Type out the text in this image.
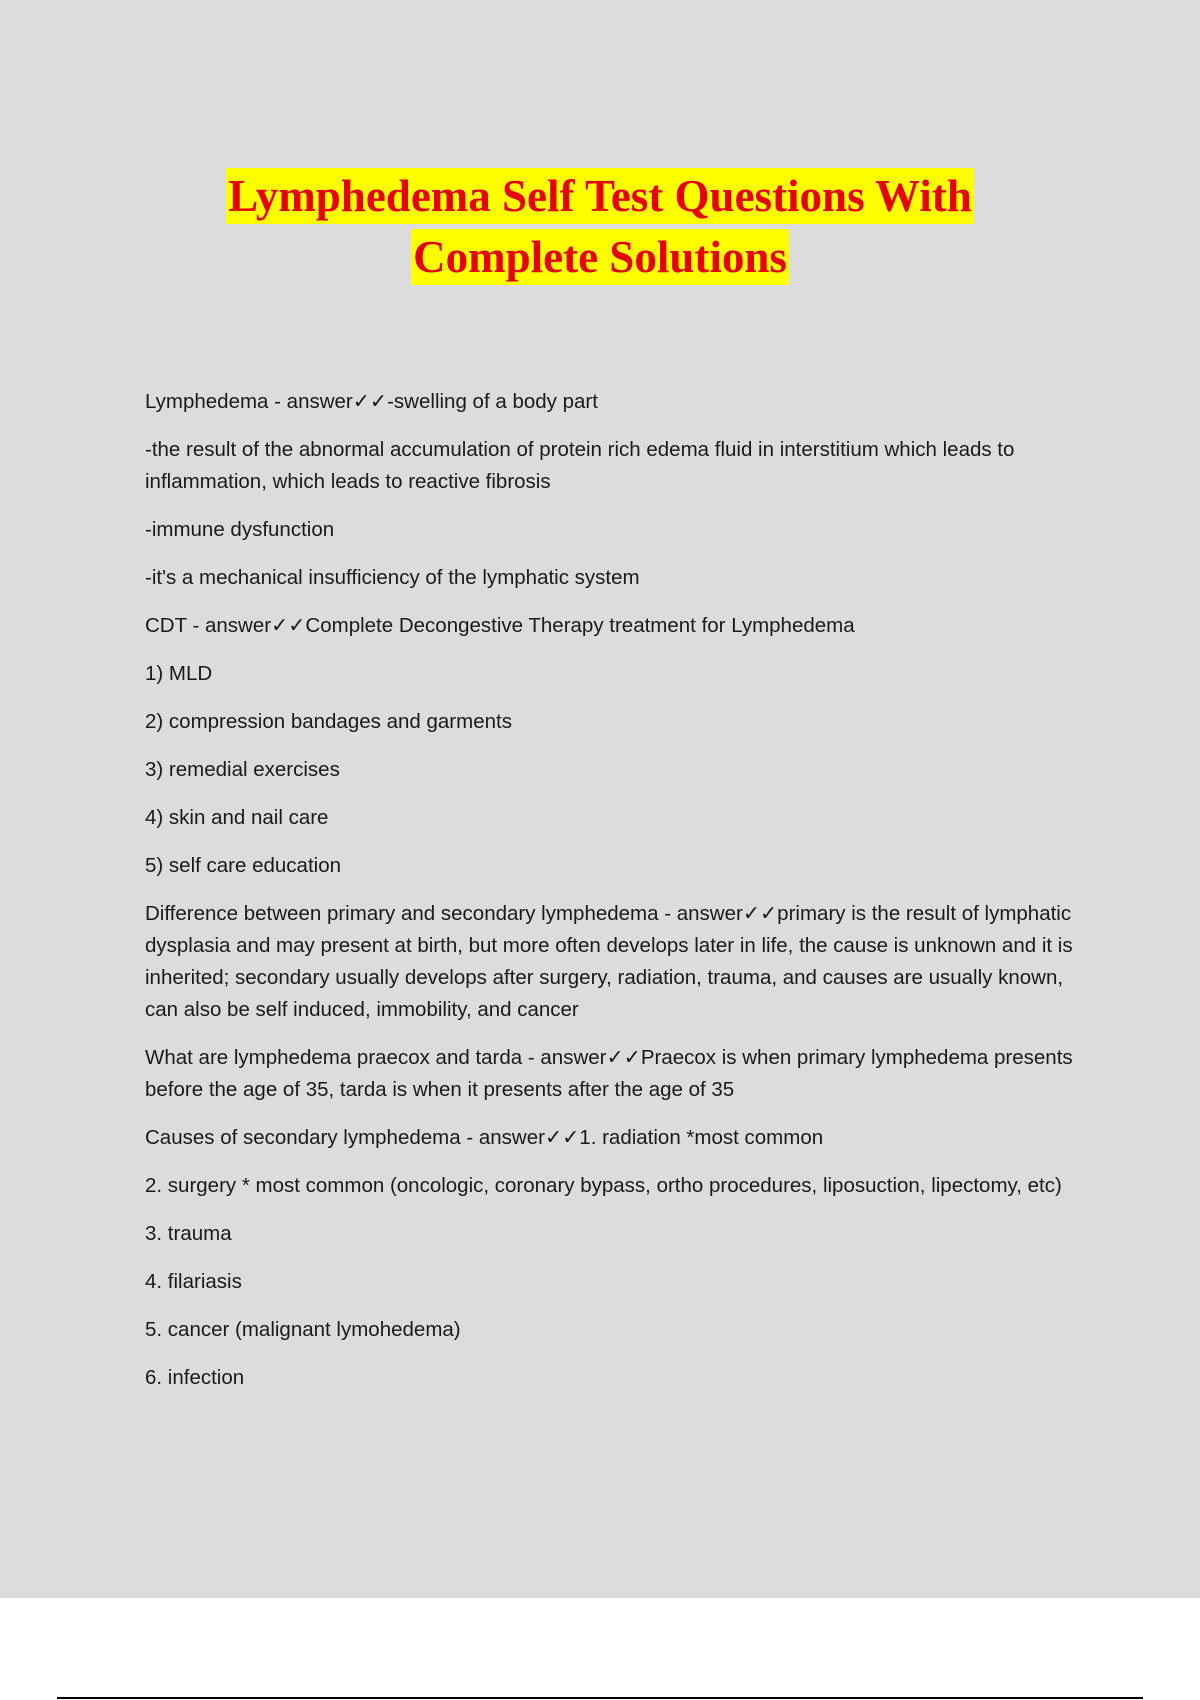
Lymphedema Self Test Questions With
Complete Solutions

Lymphedema - answer✓✓-swelling of a body part

-the result of the abnormal accumulation of protein rich edema fluid in interstitium which leads to inflammation, which leads to reactive fibrosis

-immune dysfunction

-it's a mechanical insufficiency of the lymphatic system

CDT - answer✓✓Complete Decongestive Therapy treatment for Lymphedema

1) MLD

2) compression bandages and garments

3) remedial exercises

4) skin and nail care

5) self care education

Difference between primary and secondary lymphedema - answer✓✓primary is the result of lymphatic dysplasia and may present at birth, but more often develops later in life, the cause is unknown and it is inherited; secondary usually develops after surgery, radiation, trauma, and causes are usually known, can also be self induced, immobility, and cancer

What are lymphedema praecox and tarda - answer✓✓Praecox is when primary lymphedema presents before the age of 35, tarda is when it presents after the age of 35

Causes of secondary lymphedema - answer✓✓1. radiation *most common

2. surgery * most common (oncologic, coronary bypass, ortho procedures, liposuction, lipectomy, etc)

3. trauma

4. filariasis

5. cancer (malignant lymohedema)

6. infection
